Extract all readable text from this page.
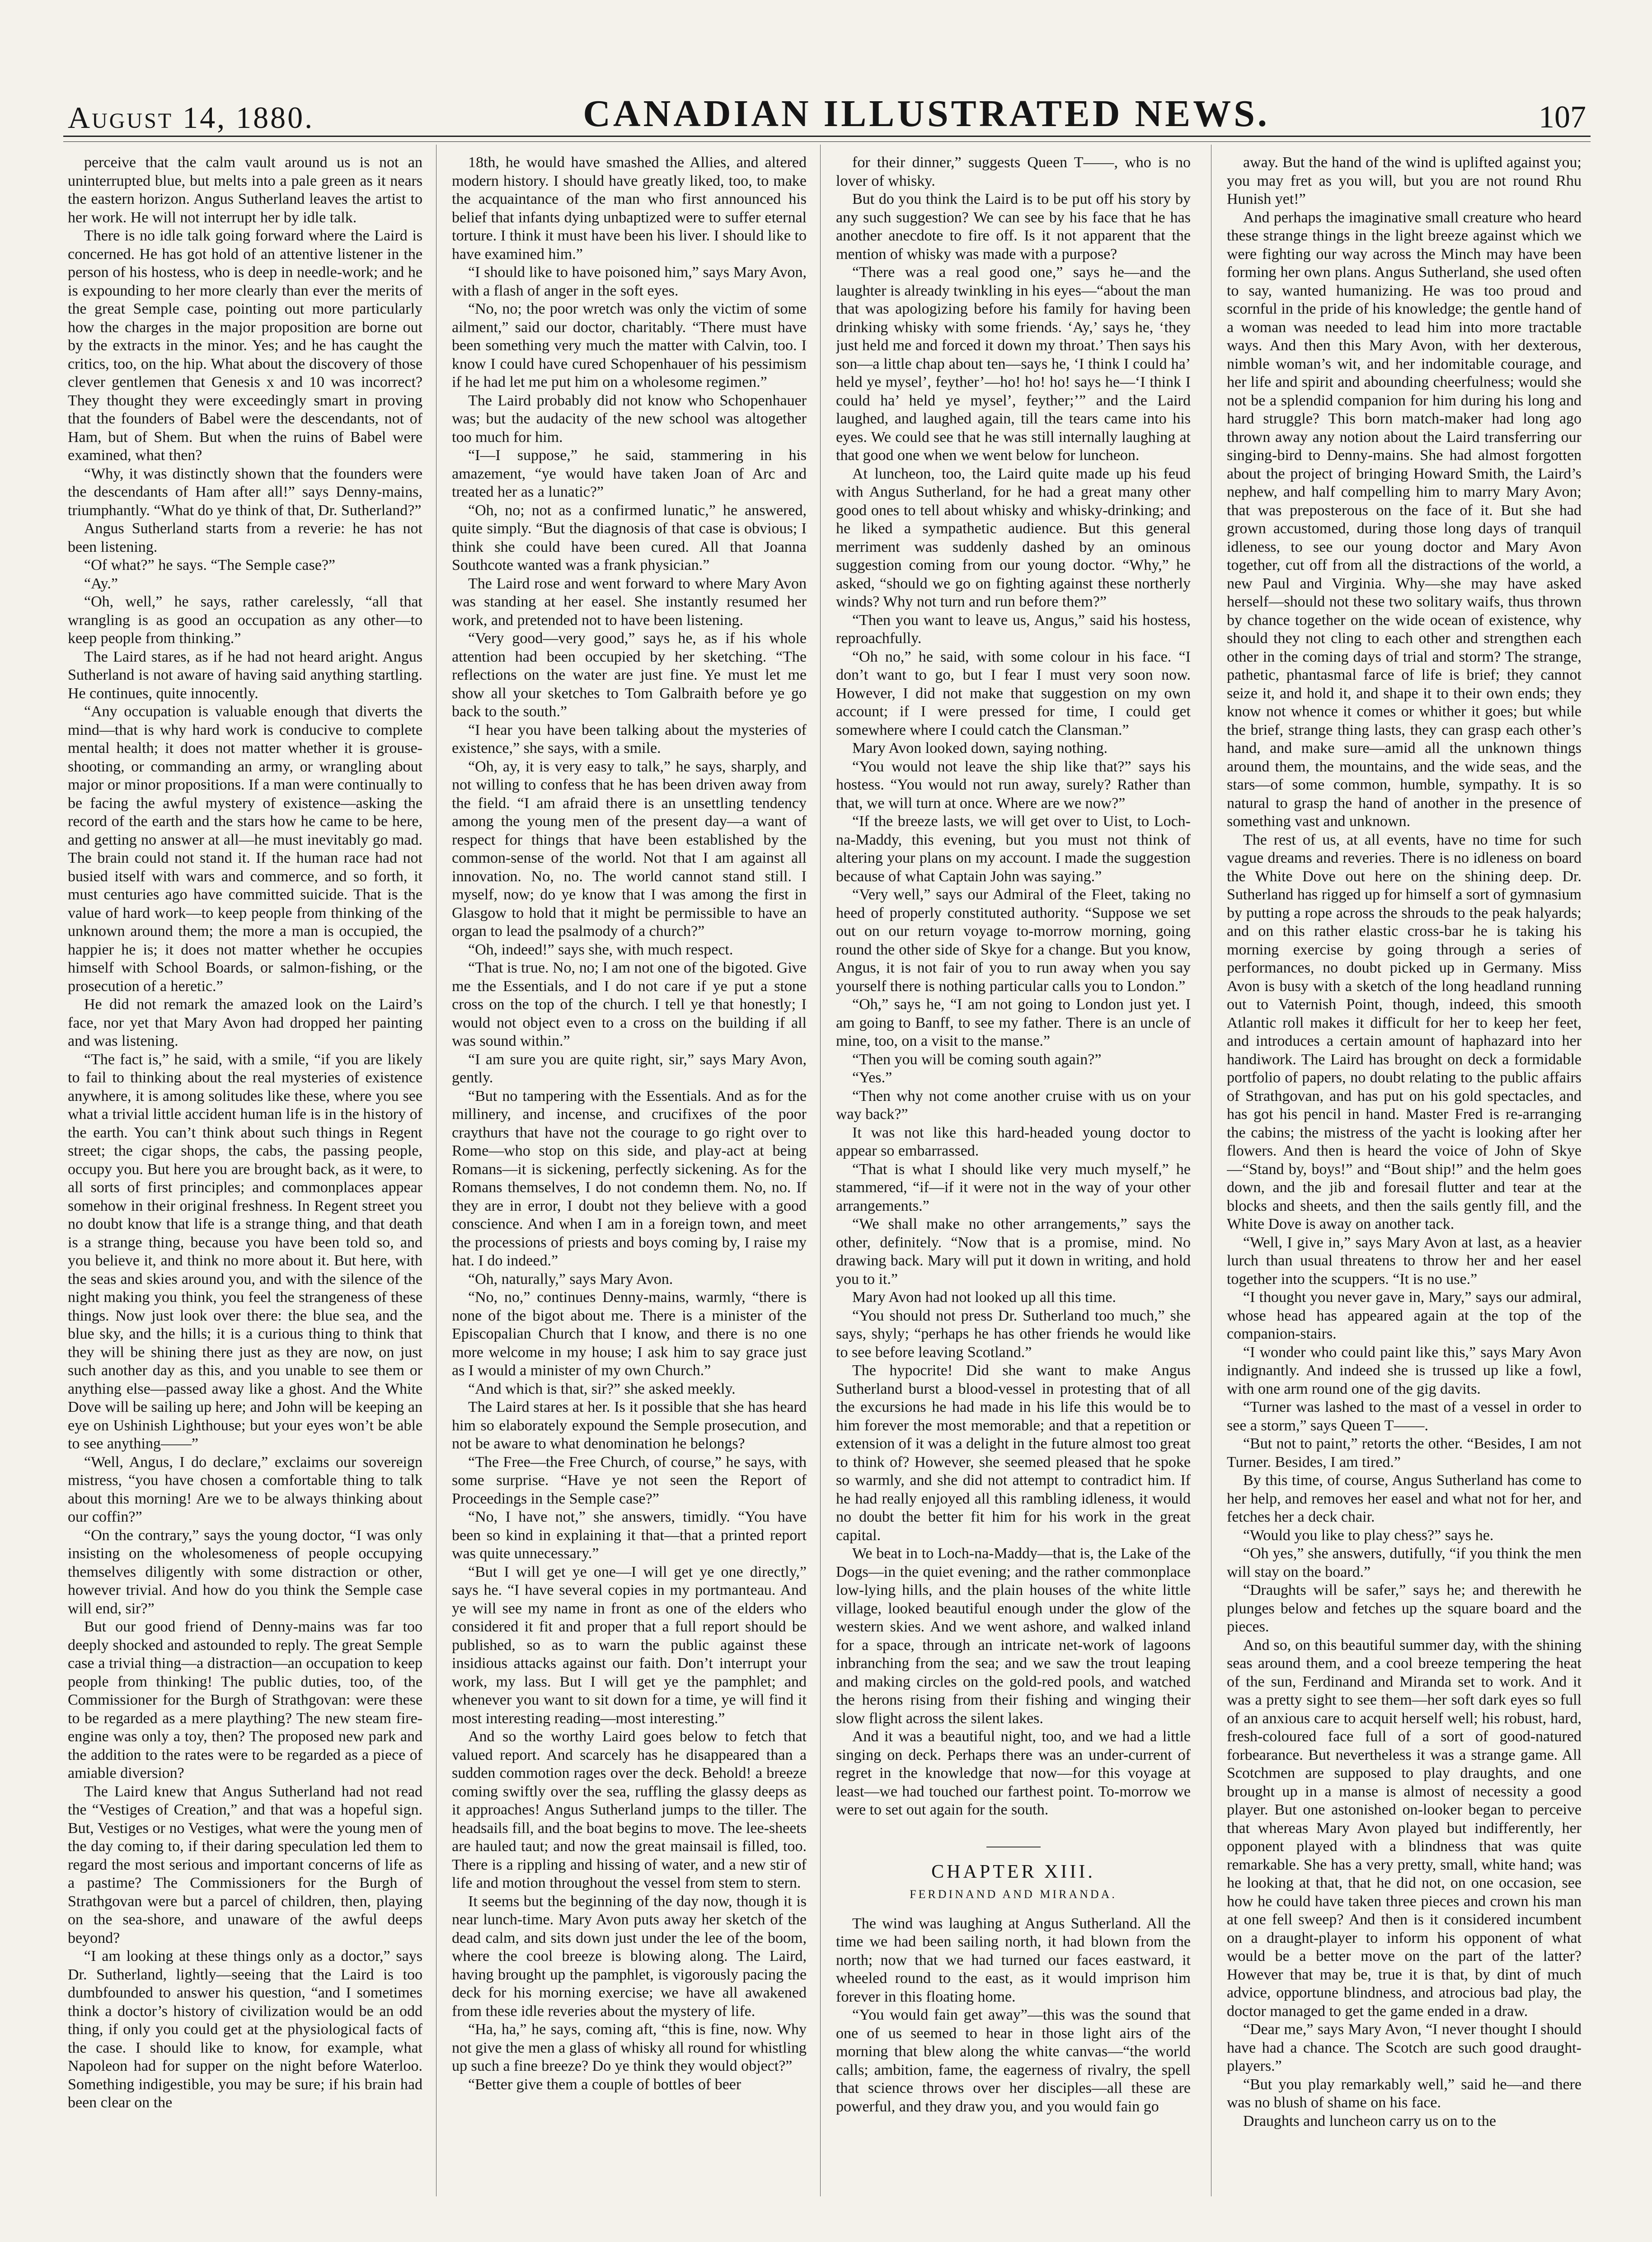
August 14, 1880.	CANADIAN ILLUSTRATED NEWS.	107

perceive that the calm vault around us is not an uninterrupted blue, but melts into a pale green as it nears the eastern horizon. Angus Sutherland leaves the artist to her work. He will not interrupt her by idle talk.

There is no idle talk going forward where the Laird is concerned. He has got hold of an attentive listener in the person of his hostess, who is deep in needle-work; and he is expounding to her more clearly than ever the merits of the great Semple case, pointing out more particularly how the charges in the major proposition are borne out by the extracts in the minor. Yes; and he has caught the critics, too, on the hip. What about the discovery of those clever gentlemen that Genesis x and 10 was incorrect? They thought they were exceedingly smart in proving that the founders of Babel were the descendants, not of Ham, but of Shem. But when the ruins of Babel were examined, what then?

“Why, it was distinctly shown that the founders were the descendants of Ham after all!” says Denny-mains, triumphantly. “What do ye think of that, Dr. Sutherland?”

Angus Sutherland starts from a reverie: he has not been listening.

“Of what?” he says. “The Semple case?”

“Ay.”

“Oh, well,” he says, rather carelessly, “all that wrangling is as good an occupation as any other—to keep people from thinking.”

The Laird stares, as if he had not heard aright. Angus Sutherland is not aware of having said anything startling. He continues, quite innocently.

“Any occupation is valuable enough that diverts the mind—that is why hard work is conducive to complete mental health; it does not matter whether it is grouse-shooting, or commanding an army, or wrangling about major or minor propositions. If a man were continually to be facing the awful mystery of existence—asking the record of the earth and the stars how he came to be here, and getting no answer at all—he must inevitably go mad. The brain could not stand it. If the human race had not busied itself with wars and commerce, and so forth, it must centuries ago have committed suicide. That is the value of hard work—to keep people from thinking of the unknown around them; the more a man is occupied, the happier he is; it does not matter whether he occupies himself with School Boards, or salmon-fishing, or the prosecution of a heretic.”

He did not remark the amazed look on the Laird’s face, nor yet that Mary Avon had dropped her painting and was listening.

“The fact is,” he said, with a smile, “if you are likely to fail to thinking about the real mysteries of existence anywhere, it is among solitudes like these, where you see what a trivial little accident human life is in the history of the earth. You can’t think about such things in Regent street; the cigar shops, the cabs, the passing people, occupy you. But here you are brought back, as it were, to all sorts of first principles; and commonplaces appear somehow in their original freshness. In Regent street you no doubt know that life is a strange thing, and that death is a strange thing, because you have been told so, and you believe it, and think no more about it. But here, with the seas and skies around you, and with the silence of the night making you think, you feel the strangeness of these things. Now just look over there: the blue sea, and the blue sky, and the hills; it is a curious thing to think that they will be shining there just as they are now, on just such another day as this, and you unable to see them or anything else—passed away like a ghost. And the White Dove will be sailing up here; and John will be keeping an eye on Ushinish Lighthouse; but your eyes won’t be able to see anything——”

“Well, Angus, I do declare,” exclaims our sovereign mistress, “you have chosen a comfortable thing to talk about this morning! Are we to be always thinking about our coffin?”

“On the contrary,” says the young doctor, “I was only insisting on the wholesomeness of people occupying themselves diligently with some distraction or other, however trivial. And how do you think the Semple case will end, sir?”

But our good friend of Denny-mains was far too deeply shocked and astounded to reply. The great Semple case a trivial thing—a distraction—an occupation to keep people from thinking! The public duties, too, of the Commissioner for the Burgh of Strathgovan: were these to be regarded as a mere plaything? The new steam fire-engine was only a toy, then? The proposed new park and the addition to the rates were to be regarded as a piece of amiable diversion?

The Laird knew that Angus Sutherland had not read the “Vestiges of Creation,” and that was a hopeful sign. But, Vestiges or no Vestiges, what were the young men of the day coming to, if their daring speculation led them to regard the most serious and important concerns of life as a pastime? The Commissioners for the Burgh of Strathgovan were but a parcel of children, then, playing on the sea-shore, and unaware of the awful deeps beyond?

“I am looking at these things only as a doctor,” says Dr. Sutherland, lightly—seeing that the Laird is too dumbfounded to answer his question, “and I sometimes think a doctor’s history of civilization would be an odd thing, if only you could get at the physiological facts of the case. I should like to know, for example, what Napoleon had for supper on the night before Waterloo. Something indigestible, you may be sure; if his brain had been clear on the

18th, he would have smashed the Allies, and altered modern history. I should have greatly liked, too, to make the acquaintance of the man who first announced his belief that infants dying unbaptized were to suffer eternal torture. I think it must have been his liver. I should like to have examined him.”

“I should like to have poisoned him,” says Mary Avon, with a flash of anger in the soft eyes.

“No, no; the poor wretch was only the victim of some ailment,” said our doctor, charitably. “There must have been something very much the matter with Calvin, too. I know I could have cured Schopenhauer of his pessimism if he had let me put him on a wholesome regimen.”

The Laird probably did not know who Schopenhauer was; but the audacity of the new school was altogether too much for him.

“I—I suppose,” he said, stammering in his amazement, “ye would have taken Joan of Arc and treated her as a lunatic?”

“Oh, no; not as a confirmed lunatic,” he answered, quite simply. “But the diagnosis of that case is obvious; I think she could have been cured. All that Joanna Southcote wanted was a frank physician.”

The Laird rose and went forward to where Mary Avon was standing at her easel. She instantly resumed her work, and pretended not to have been listening.

“Very good—very good,” says he, as if his whole attention had been occupied by her sketching. “The reflections on the water are just fine. Ye must let me show all your sketches to Tom Galbraith before ye go back to the south.”

“I hear you have been talking about the mysteries of existence,” she says, with a smile.

“Oh, ay, it is very easy to talk,” he says, sharply, and not willing to confess that he has been driven away from the field. “I am afraid there is an unsettling tendency among the young men of the present day—a want of respect for things that have been established by the common-sense of the world. Not that I am against all innovation. No, no. The world cannot stand still. I myself, now; do ye know that I was among the first in Glasgow to hold that it might be permissible to have an organ to lead the psalmody of a church?”

“Oh, indeed!” says she, with much respect.

“That is true. No, no; I am not one of the bigoted. Give me the Essentials, and I do not care if ye put a stone cross on the top of the church. I tell ye that honestly; I would not object even to a cross on the building if all was sound within.”

“I am sure you are quite right, sir,” says Mary Avon, gently.

“But no tampering with the Essentials. And as for the millinery, and incense, and crucifixes of the poor craythurs that have not the courage to go right over to Rome—who stop on this side, and play-act at being Romans—it is sickening, perfectly sickening. As for the Romans themselves, I do not condemn them. No, no. If they are in error, I doubt not they believe with a good conscience. And when I am in a foreign town, and meet the processions of priests and boys coming by, I raise my hat. I do indeed.”

“Oh, naturally,” says Mary Avon.

“No, no,” continues Denny-mains, warmly, “there is none of the bigot about me. There is a minister of the Episcopalian Church that I know, and there is no one more welcome in my house; I ask him to say grace just as I would a minister of my own Church.”

“And which is that, sir?” she asked meekly.

The Laird stares at her. Is it possible that she has heard him so elaborately expound the Semple prosecution, and not be aware to what denomination he belongs?

“The Free—the Free Church, of course,” he says, with some surprise. “Have ye not seen the Report of Proceedings in the Semple case?”

“No, I have not,” she answers, timidly. “You have been so kind in explaining it that—that a printed report was quite unnecessary.”

“But I will get ye one—I will get ye one directly,” says he. “I have several copies in my portmanteau. And ye will see my name in front as one of the elders who considered it fit and proper that a full report should be published, so as to warn the public against these insidious attacks against our faith. Don’t interrupt your work, my lass. But I will get ye the pamphlet; and whenever you want to sit down for a time, ye will find it most interesting reading—most interesting.”

And so the worthy Laird goes below to fetch that valued report. And scarcely has he disappeared than a sudden commotion rages over the deck. Behold! a breeze coming swiftly over the sea, ruffling the glassy deeps as it approaches! Angus Sutherland jumps to the tiller. The headsails fill, and the boat begins to move. The lee-sheets are hauled taut; and now the great mainsail is filled, too. There is a rippling and hissing of water, and a new stir of life and motion throughout the vessel from stem to stern.

It seems but the beginning of the day now, though it is near lunch-time. Mary Avon puts away her sketch of the dead calm, and sits down just under the lee of the boom, where the cool breeze is blowing along. The Laird, having brought up the pamphlet, is vigorously pacing the deck for his morning exercise; we have all awakened from these idle reveries about the mystery of life.

“Ha, ha,” he says, coming aft, “this is fine, now. Why not give the men a glass of whisky all round for whistling up such a fine breeze? Do ye think they would object?”

“Better give them a couple of bottles of beer

for their dinner,” suggests Queen T——, who is no lover of whisky.

But do you think the Laird is to be put off his story by any such suggestion? We can see by his face that he has another anecdote to fire off. Is it not apparent that the mention of whisky was made with a purpose?

“There was a real good one,” says he—and the laughter is already twinkling in his eyes—“about the man that was apologizing before his family for having been drinking whisky with some friends. ‘Ay,’ says he, ‘they just held me and forced it down my throat.’ Then says his son—a little chap about ten—says he, ‘I think I could ha’ held ye mysel’, feyther’—ho! ho! ho! says he—‘I think I could ha’ held ye mysel’, feyther;’” and the Laird laughed, and laughed again, till the tears came into his eyes. We could see that he was still internally laughing at that good one when we went below for luncheon.

At luncheon, too, the Laird quite made up his feud with Angus Sutherland, for he had a great many other good ones to tell about whisky and whisky-drinking; and he liked a sympathetic audience. But this general merriment was suddenly dashed by an ominous suggestion coming from our young doctor. “Why,” he asked, “should we go on fighting against these northerly winds? Why not turn and run before them?”

“Then you want to leave us, Angus,” said his hostess, reproachfully.

“Oh no,” he said, with some colour in his face. “I don’t want to go, but I fear I must very soon now. However, I did not make that suggestion on my own account; if I were pressed for time, I could get somewhere where I could catch the Clansman.”

Mary Avon looked down, saying nothing.

“You would not leave the ship like that?” says his hostess. “You would not run away, surely? Rather than that, we will turn at once. Where are we now?”

“If the breeze lasts, we will get over to Uist, to Loch-na-Maddy, this evening, but you must not think of altering your plans on my account. I made the suggestion because of what Captain John was saying.”

“Very well,” says our Admiral of the Fleet, taking no heed of properly constituted authority. “Suppose we set out on our return voyage to-morrow morning, going round the other side of Skye for a change. But you know, Angus, it is not fair of you to run away when you say yourself there is nothing particular calls you to London.”

“Oh,” says he, “I am not going to London just yet. I am going to Banff, to see my father. There is an uncle of mine, too, on a visit to the manse.”

“Then you will be coming south again?”

“Yes.”

“Then why not come another cruise with us on your way back?”

It was not like this hard-headed young doctor to appear so embarrassed.

“That is what I should like very much myself,” he stammered, “if—if it were not in the way of your other arrangements.”

“We shall make no other arrangements,” says the other, definitely. “Now that is a promise, mind. No drawing back. Mary will put it down in writing, and hold you to it.”

Mary Avon had not looked up all this time.

“You should not press Dr. Sutherland too much,” she says, shyly; “perhaps he has other friends he would like to see before leaving Scotland.”

The hypocrite! Did she want to make Angus Sutherland burst a blood-vessel in protesting that of all the excursions he had made in his life this would be to him forever the most memorable; and that a repetition or extension of it was a delight in the future almost too great to think of? However, she seemed pleased that he spoke so warmly, and she did not attempt to contradict him. If he had really enjoyed all this rambling idleness, it would no doubt the better fit him for his work in the great capital.

We beat in to Loch-na-Maddy—that is, the Lake of the Dogs—in the quiet evening; and the rather commonplace low-lying hills, and the plain houses of the white little village, looked beautiful enough under the glow of the western skies. And we went ashore, and walked inland for a space, through an intricate net-work of lagoons inbranching from the sea; and we saw the trout leaping and making circles on the gold-red pools, and watched the herons rising from their fishing and winging their slow flight across the silent lakes.

And it was a beautiful night, too, and we had a little singing on deck. Perhaps there was an under-current of regret in the knowledge that now—for this voyage at least—we had touched our farthest point. To-morrow we were to set out again for the south.

CHAPTER XIII.
FERDINAND AND MIRANDA.

The wind was laughing at Angus Sutherland. All the time we had been sailing north, it had blown from the north; now that we had turned our faces eastward, it wheeled round to the east, as it would imprison him forever in this floating home.

“You would fain get away”—this was the sound that one of us seemed to hear in those light airs of the morning that blew along the white canvas—“the world calls; ambition, fame, the eagerness of rivalry, the spell that science throws over her disciples—all these are powerful, and they draw you, and you would fain go

away. But the hand of the wind is uplifted against you; you may fret as you will, but you are not round Rhu Hunish yet!”

And perhaps the imaginative small creature who heard these strange things in the light breeze against which we were fighting our way across the Minch may have been forming her own plans. Angus Sutherland, she used often to say, wanted humanizing. He was too proud and scornful in the pride of his knowledge; the gentle hand of a woman was needed to lead him into more tractable ways. And then this Mary Avon, with her dexterous, nimble woman’s wit, and her indomitable courage, and her life and spirit and abounding cheerfulness; would she not be a splendid companion for him during his long and hard struggle? This born match-maker had long ago thrown away any notion about the Laird transferring our singing-bird to Denny-mains. She had almost forgotten about the project of bringing Howard Smith, the Laird’s nephew, and half compelling him to marry Mary Avon; that was preposterous on the face of it. But she had grown accustomed, during those long days of tranquil idleness, to see our young doctor and Mary Avon together, cut off from all the distractions of the world, a new Paul and Virginia. Why—she may have asked herself—should not these two solitary waifs, thus thrown by chance together on the wide ocean of existence, why should they not cling to each other and strengthen each other in the coming days of trial and storm? The strange, pathetic, phantasmal farce of life is brief; they cannot seize it, and hold it, and shape it to their own ends; they know not whence it comes or whither it goes; but while the brief, strange thing lasts, they can grasp each other’s hand, and make sure—amid all the unknown things around them, the mountains, and the wide seas, and the stars—of some common, humble, sympathy. It is so natural to grasp the hand of another in the presence of something vast and unknown.

The rest of us, at all events, have no time for such vague dreams and reveries. There is no idleness on board the White Dove out here on the shining deep. Dr. Sutherland has rigged up for himself a sort of gymnasium by putting a rope across the shrouds to the peak halyards; and on this rather elastic cross-bar he is taking his morning exercise by going through a series of performances, no doubt picked up in Germany. Miss Avon is busy with a sketch of the long headland running out to Vaternish Point, though, indeed, this smooth Atlantic roll makes it difficult for her to keep her feet, and introduces a certain amount of haphazard into her handiwork. The Laird has brought on deck a formidable portfolio of papers, no doubt relating to the public affairs of Strathgovan, and has put on his gold spectacles, and has got his pencil in hand. Master Fred is re-arranging the cabins; the mistress of the yacht is looking after her flowers. And then is heard the voice of John of Skye—“Stand by, boys!” and “Bout ship!” and the helm goes down, and the jib and foresail flutter and tear at the blocks and sheets, and then the sails gently fill, and the White Dove is away on another tack.

“Well, I give in,” says Mary Avon at last, as a heavier lurch than usual threatens to throw her and her easel together into the scuppers. “It is no use.”

“I thought you never gave in, Mary,” says our admiral, whose head has appeared again at the top of the companion-stairs.

“I wonder who could paint like this,” says Mary Avon indignantly. And indeed she is trussed up like a fowl, with one arm round one of the gig davits.

“Turner was lashed to the mast of a vessel in order to see a storm,” says Queen T——.

“But not to paint,” retorts the other. “Besides, I am not Turner. Besides, I am tired.”

By this time, of course, Angus Sutherland has come to her help, and removes her easel and what not for her, and fetches her a deck chair.

“Would you like to play chess?” says he.

“Oh yes,” she answers, dutifully, “if you think the men will stay on the board.”

“Draughts will be safer,” says he; and therewith he plunges below and fetches up the square board and the pieces.

And so, on this beautiful summer day, with the shining seas around them, and a cool breeze tempering the heat of the sun, Ferdinand and Miranda set to work. And it was a pretty sight to see them—her soft dark eyes so full of an anxious care to acquit herself well; his robust, hard, fresh-coloured face full of a sort of good-natured forbearance. But nevertheless it was a strange game. All Scotchmen are supposed to play draughts, and one brought up in a manse is almost of necessity a good player. But one astonished on-looker began to perceive that whereas Mary Avon played but indifferently, her opponent played with a blindness that was quite remarkable. She has a very pretty, small, white hand; was he looking at that, that he did not, on one occasion, see how he could have taken three pieces and crown his man at one fell sweep? And then is it considered incumbent on a draught-player to inform his opponent of what would be a better move on the part of the latter? However that may be, true it is that, by dint of much advice, opportune blindness, and atrocious bad play, the doctor managed to get the game ended in a draw.

“Dear me,” says Mary Avon, “I never thought I should have had a chance. The Scotch are such good draught-players.”

“But you play remarkably well,” said he—and there was no blush of shame on his face.

Draughts and luncheon carry us on to the
